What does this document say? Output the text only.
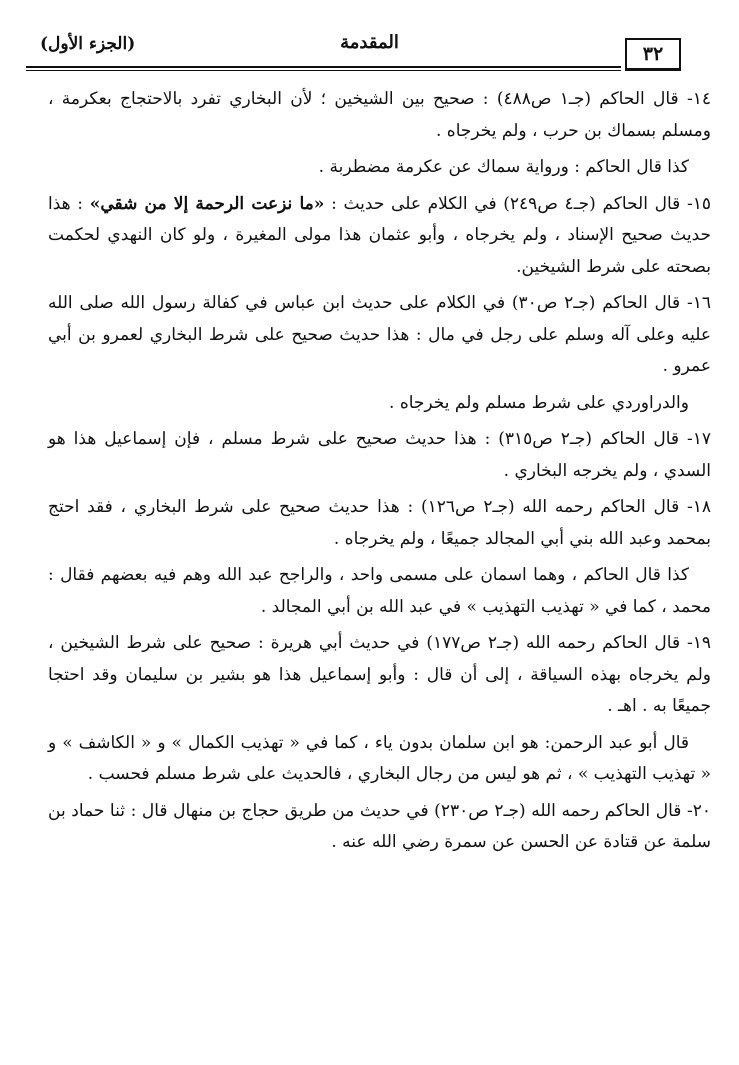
٣٢
المقدمة
(الجزء الأول)

١٤- قال الحاكم (جـ١ ص٤٨٨) : صحيح بين الشيخين ؛ لأن البخاري تفرد بالاحتجاج بعكرمة ، ومسلم بسماك بن حرب ، ولم يخرجاه .

كذا قال الحاكم : ورواية سماك عن عكرمة مضطربة .

١٥- قال الحاكم (جـ٤ ص٢٤٩) في الكلام على حديث : «ما نزعت الرحمة إلا من شقي» : هذا حديث صحيح الإسناد ، ولم يخرجاه ، وأبو عثمان هذا مولى المغيرة ، ولو كان النهدي لحكمت بصحته على شرط الشيخين.

١٦- قال الحاكم (جـ٢ ص٣٠) في الكلام على حديث ابن عباس في كفالة رسول الله صلى الله عليه وعلى آله وسلم على رجل في مال : هذا حديث صحيح على شرط البخاري لعمرو بن أبي عمرو .

والدراوردي على شرط مسلم ولم يخرجاه .

١٧- قال الحاكم (جـ٢ ص٣١٥) : هذا حديث صحيح على شرط مسلم ، فإن إسماعيل هذا هو السدي ، ولم يخرجه البخاري .

١٨- قال الحاكم رحمه الله (جـ٢ ص١٢٦) : هذا حديث صحيح على شرط البخاري ، فقد احتج بمحمد وعبد الله بني أبي المجالد جميعًا ، ولم يخرجاه .

كذا قال الحاكم ، وهما اسمان على مسمى واحد ، والراجح عبد الله وهم فيه بعضهم فقال : محمد ، كما في « تهذيب التهذيب » في عبد الله بن أبي المجالد .

١٩- قال الحاكم رحمه الله (جـ٢ ص١٧٧) في حديث أبي هريرة : صحيح على شرط الشيخين ، ولم يخرجاه بهذه السياقة ، إلى أن قال : وأبو إسماعيل هذا هو بشير بن سليمان وقد احتجا جميعًا به . اهـ .

قال أبو عبد الرحمن: هو ابن سلمان بدون ياء ، كما في « تهذيب الكمال » و « الكاشف » و « تهذيب التهذيب » ، ثم هو ليس من رجال البخاري ، فالحديث على شرط مسلم فحسب .

٢٠- قال الحاكم رحمه الله (جـ٢ ص٢٣٠) في حديث من طريق حجاج بن منهال قال : ثنا حماد بن سلمة عن قتادة عن الحسن عن سمرة رضي الله عنه .
